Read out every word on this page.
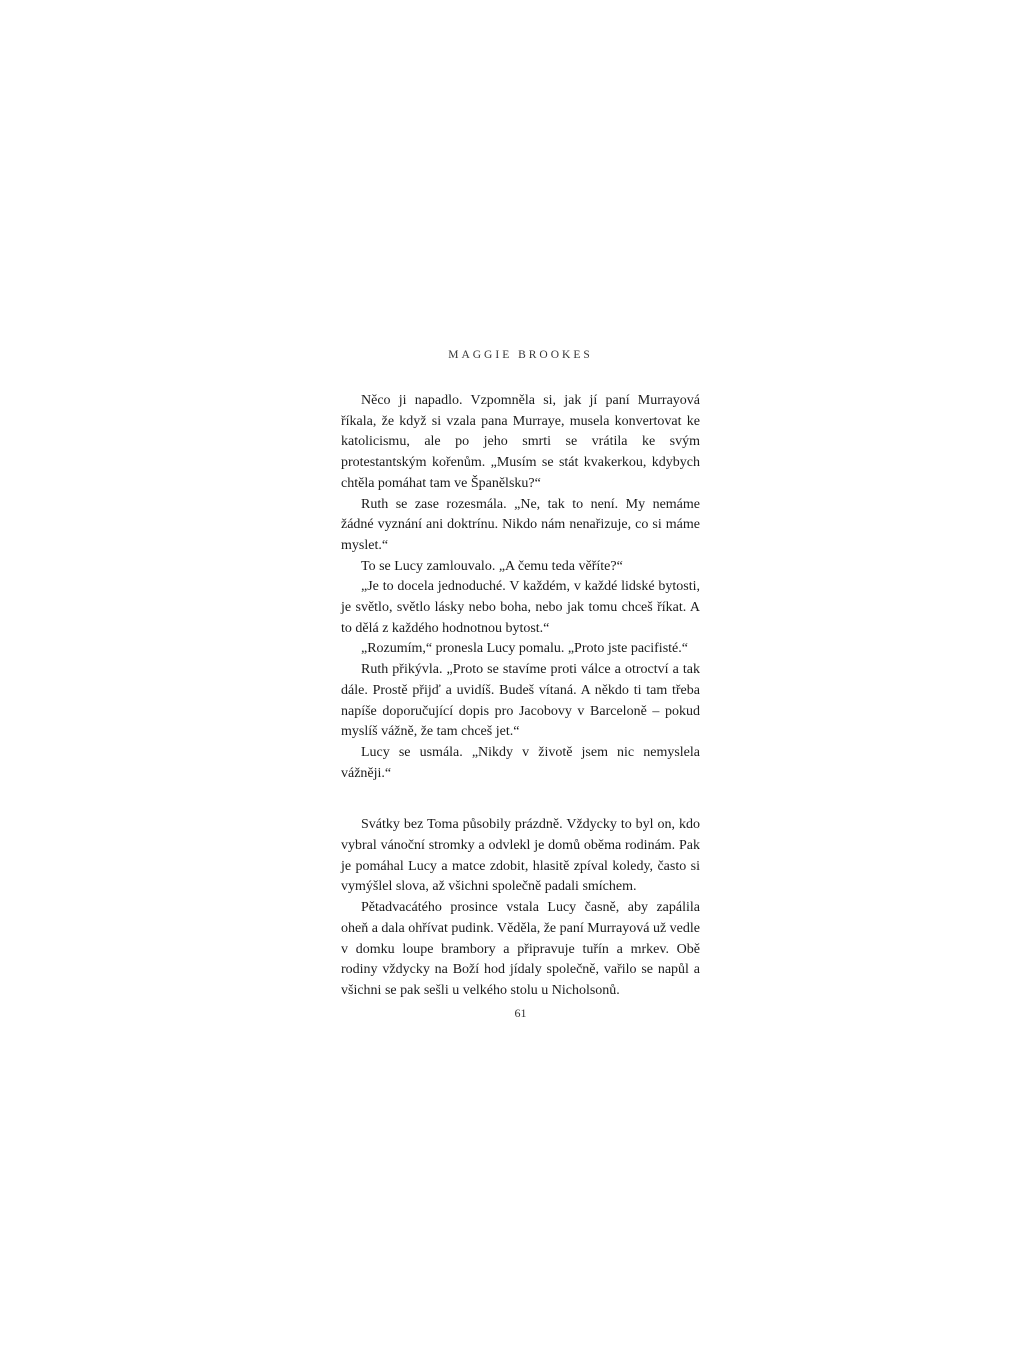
MAGGIE BROOKES

Něco ji napadlo. Vzpomněla si, jak jí paní Murrayová říkala, že když si vzala pana Murraye, musela konvertovat ke katolicismu, ale po jeho smrti se vrátila ke svým protestantským kořenům. „Musím se stát kvakerkou, kdybych chtěla pomáhat tam ve Španělsku?“

Ruth se zase rozesmála. „Ne, tak to není. My nemáme žádné vyznání ani doktrínu. Nikdo nám nenařizuje, co si máme myslet.“

To se Lucy zamlouvalo. „A čemu teda věříte?“

„Je to docela jednoduché. V každém, v každé lidské bytosti, je světlo, světlo lásky nebo boha, nebo jak tomu chceš říkat. A to dělá z každého hodnotnou bytost.“

„Rozumím,“ pronesla Lucy pomalu. „Proto jste pacifisté.“

Ruth přikývla. „Proto se stavíme proti válce a otroctví a tak dále. Prostě přijď a uvidíš. Budeš vítaná. A někdo ti tam třeba napíše doporučující dopis pro Jacobovy v Barceloně – pokud myslíš vážně, že tam chceš jet.“

Lucy se usmála. „Nikdy v životě jsem nic nemyslela vážněji.“

Svátky bez Toma působily prázdně. Vždycky to byl on, kdo vybral vánoční stromky a odvlekl je domů oběma rodinám. Pak je pomáhal Lucy a matce zdobit, hlasitě zpíval koledy, často si vymýšlel slova, až všichni společně padali smíchem.

Pětadvacátého prosince vstala Lucy časně, aby zapálila oheň a dala ohřívat pudink. Věděla, že paní Murrayová už vedle v domku loupe brambory a připravuje tuřín a mrkev. Obě rodiny vždycky na Boží hod jídaly společně, vařilo se napůl a všichni se pak sešli u velkého stolu u Nicholsonů.

61
